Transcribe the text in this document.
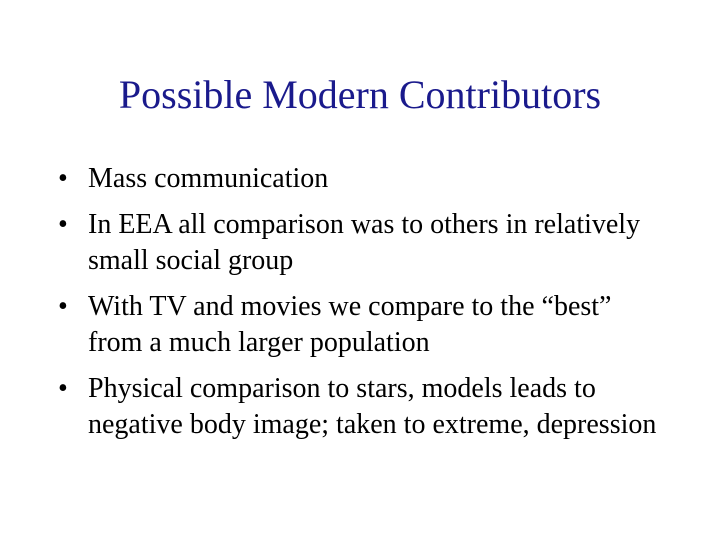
Possible Modern Contributors
• Mass communication
• In EEA all comparison was to others in relatively small social group
• With TV and movies we compare to the “best” from a much larger population
• Physical comparison to stars, models leads to negative body image; taken to extreme, depression
